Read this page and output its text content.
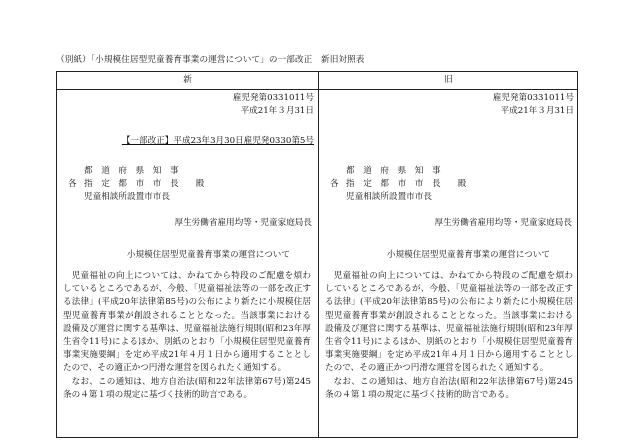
（別紙）「小規模住居型児童養育事業の運営について」の一部改正　新旧対照表
新	旧
雇児発第0331011号
平成21年３月31日
【一部改正】平成23年3月30日雇児発0330第5号
都　道　府　県　知　事
各 指　定　都　市　市　長　　殿
児童相談所設置市市長
厚生労働省雇用均等・児童家庭局長
小規模住居型児童養育事業の運営について

児童福祉の向上については、かねてから特段のご配慮を煩わしているところであるが、今般、「児童福祉法等の一部を改正する法律」(平成20年法律第85号)の公布により新たに小規模住居型児童養育事業が創設されることとなった。当該事業における設備及び運営に関する基準は、児童福祉法施行規則(昭和23年厚生省令11号)によるほか、別紙のとおり「小規模住居型児童養育事業実施要綱」を定め平成21年４月１日から適用することとしたので、その適正かつ円滑な運営を図られたく通知する。

なお、この通知は、地方自治法(昭和22年法律第67号)第245条の４第１項の規定に基づく技術的助言である。

雇児発第0331011号
平成21年３月31日
都　道　府　県　知　事
各 指　定　都　市　市　長　　殿
児童相談所設置市市長
厚生労働省雇用均等・児童家庭局長
小規模住居型児童養育事業の運営について

児童福祉の向上については、かねてから特段のご配慮を煩わしているところであるが、今般、「児童福祉法等の一部を改正する法律」(平成20年法律第85号)の公布により新たに小規模住居型児童養育事業が創設されることとなった。当該事業における設備及び運営に関する基準は、児童福祉法施行規則(昭和23年厚生省令11号)によるほか、別紙のとおり「小規模住居型児童養育事業実施要綱」を定め平成21年４月１日から適用することとしたので、その適正かつ円滑な運営を図られたく通知する。

なお、この通知は、地方自治法(昭和22年法律第67号)第245条の４第１項の規定に基づく技術的助言である。
